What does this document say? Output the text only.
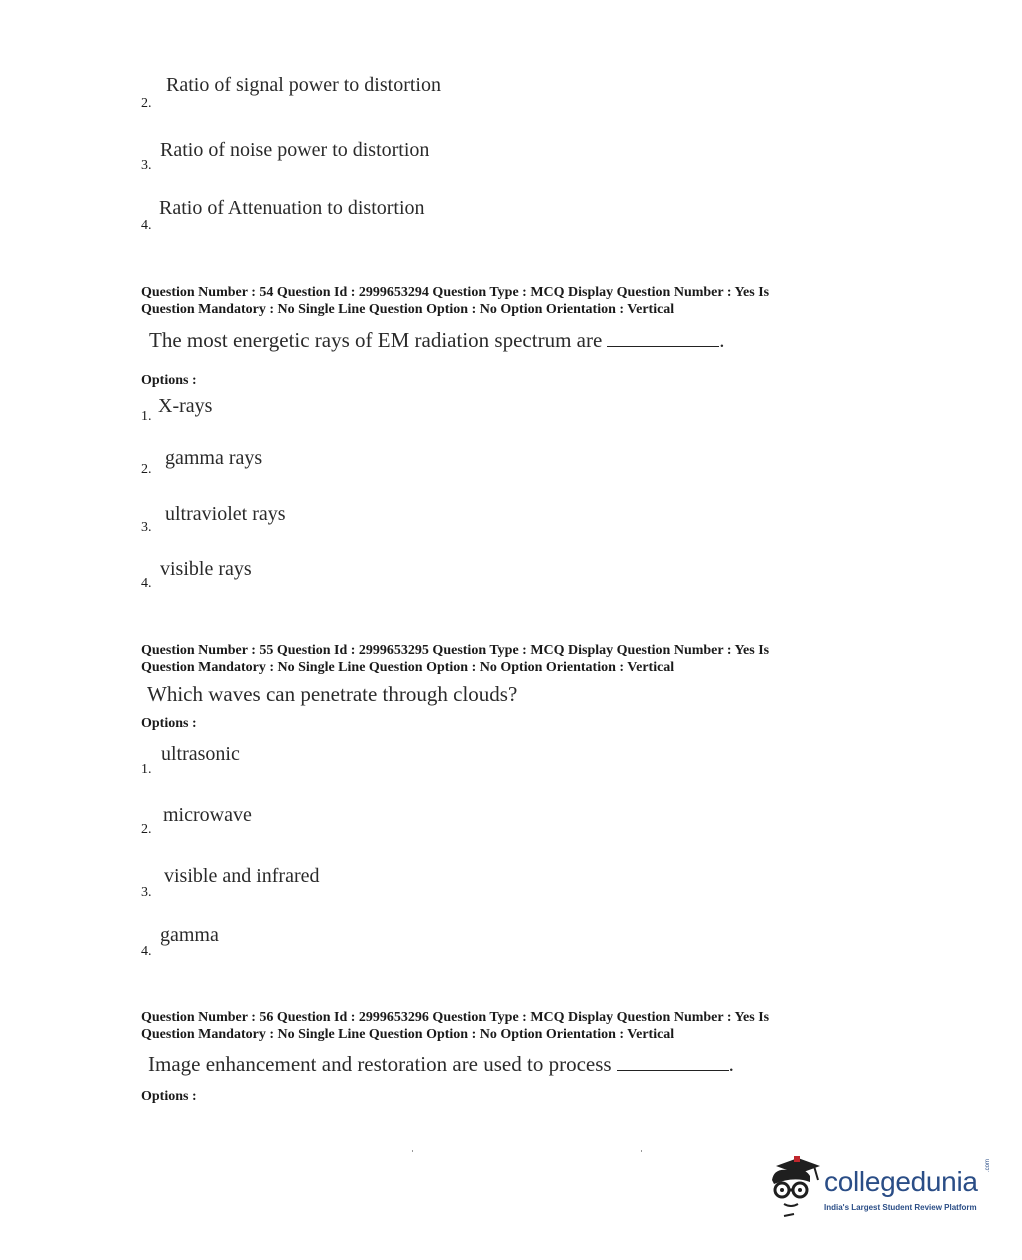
Ratio of signal power to distortion
2.
Ratio of noise power to distortion
3.
Ratio of Attenuation to distortion
4.
Question Number : 54 Question Id : 2999653294 Question Type : MCQ Display Question Number : Yes Is
Question Mandatory : No Single Line Question Option : No Option Orientation : Vertical
The most energetic rays of EM radiation spectrum are	.
Options :
X-rays
1.
gamma rays
2.
ultraviolet rays
3.
visible rays
4.
Question Number : 55 Question Id : 2999653295 Question Type : MCQ Display Question Number : Yes Is
Question Mandatory : No Single Line Question Option : No Option Orientation : Vertical
Which waves can penetrate through clouds?
Options :
ultrasonic
1.
microwave
2.
visible and infrared
3.
gamma
4.
Question Number : 56 Question Id : 2999653296 Question Type : MCQ Display Question Number : Yes Is
Question Mandatory : No Single Line Question Option : No Option Orientation : Vertical
Image enhancement and restoration are used to process	.
Options :
collegedunia
.com
India's Largest Student Review Platform
